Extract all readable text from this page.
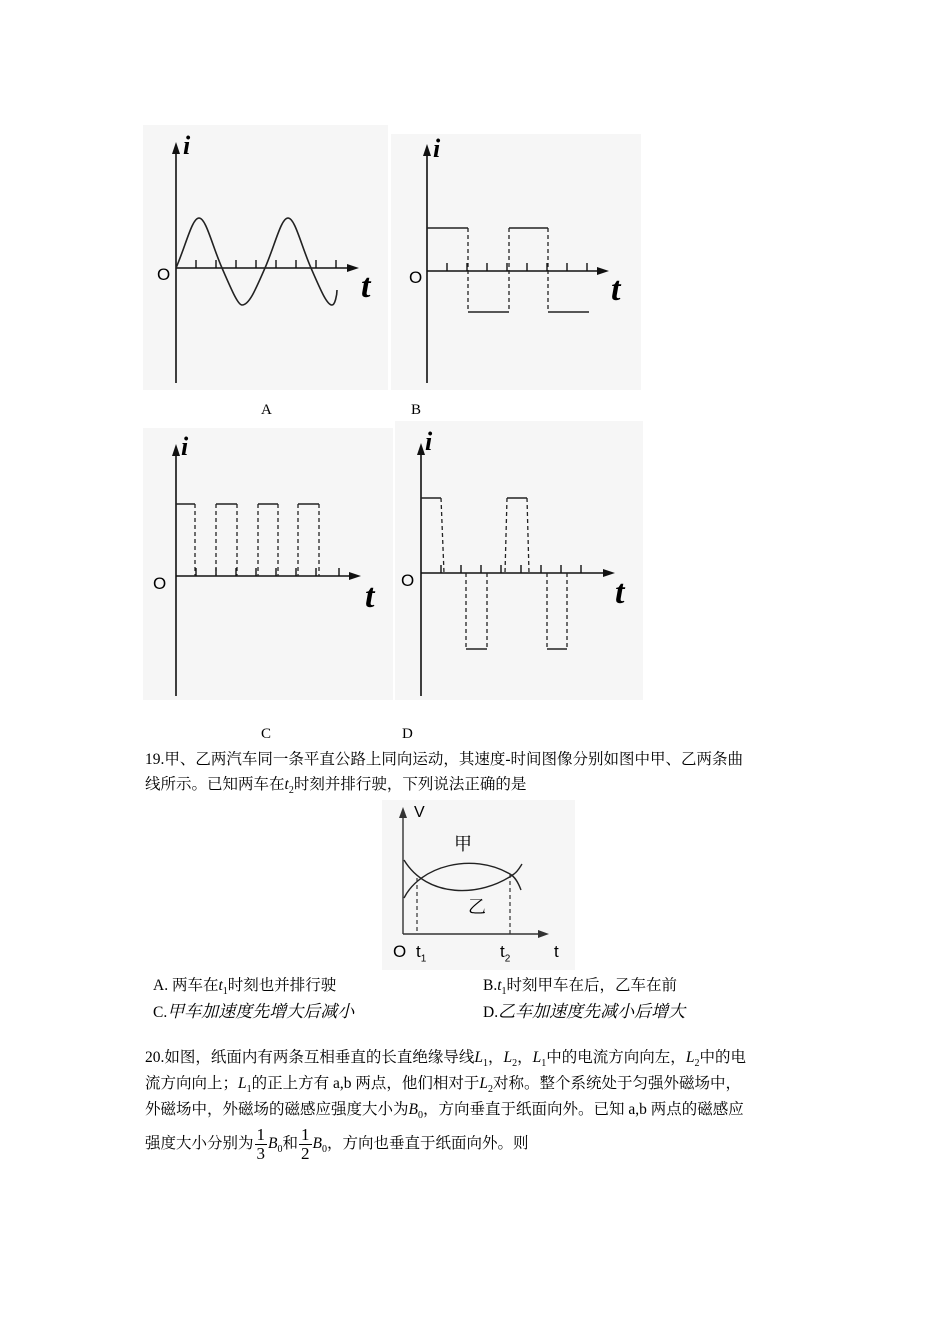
i
O	t
i
O	t
A	B
i
O	t
i
O	t
C	D
19.甲、乙两汽车同一条平直公路上同向运动，其速度-时间图像分别如图中甲、乙两条曲
线所示。已知两车在$t_2$时刻并排行驶，下列说法正确的是
V
甲
乙
O $t_1$	$t_2$	t
A. 两车在$t_1$时刻也并排行驶	$B.t_1$时刻甲车在后，乙车在前
C.甲车加速度先增大后减小	D.乙车加速度先减小后增大
20.如图，纸面内有两条互相垂直的长直绝缘导线$L_1$，$L_2$，$L_1$中的电流方向向左，$L_2$中的电
流方向向上；$L_1$的正上方有 a,b 两点，他们相对于$L_2$对称。整个系统处于匀强外磁场中，
外磁场中，外磁场的磁感应强度大小为$B_0$，方向垂直于纸面向外。已知 a,b 两点的磁感应
强度大小分别为 $\frac{1}{3} B_0$和 $\frac{1}{2} B_0$，方向也垂直于纸面向外。则
